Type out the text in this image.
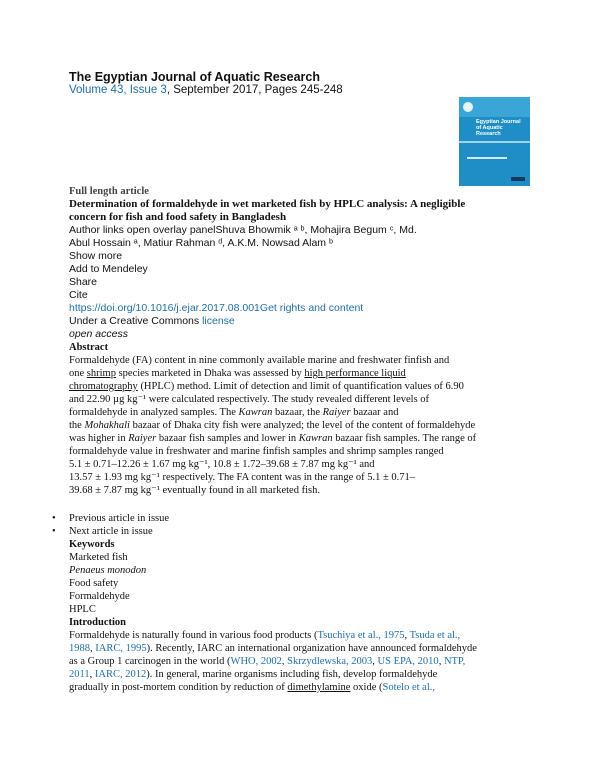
The Egyptian Journal of Aquatic Research
Volume 43, Issue 3, September 2017, Pages 245-248
Egyptian Journal of Aquatic Research
Full length article
Determination of formaldehyde in wet marketed fish by HPLC analysis: A negligible
concern for fish and food safety in Bangladesh
Author links open overlay panelShuva Bhowmik ᵃ ᵇ, Mohajira Begum ᶜ, Md.
Abul Hossain ᵃ, Matiur Rahman ᵈ, A.K.M. Nowsad Alam ᵇ
Show more
Add to Mendeley
Share
Cite
https://doi.org/10.1016/j.ejar.2017.08.001Get rights and content
Under a Creative Commons license
open access
Abstract
Formaldehyde (FA) content in nine commonly available marine and freshwater finfish and
one shrimp species marketed in Dhaka was assessed by high performance liquid
chromatography (HPLC) method. Limit of detection and limit of quantification values of 6.90
and 22.90 µg kg⁻¹ were calculated respectively. The study revealed different levels of
formaldehyde in analyzed samples. The Kawran bazaar, the Raiyer bazaar and
the Mohakhali bazaar of Dhaka city fish were analyzed; the level of the content of formaldehyde
was higher in Raiyer bazaar fish samples and lower in Kawran bazaar fish samples. The range of
formaldehyde value in freshwater and marine finfish samples and shrimp samples ranged
5.1 ± 0.71–12.26 ± 1.67 mg kg⁻¹, 10.8 ± 1.72–39.68 ± 7.87 mg kg⁻¹ and
13.57 ± 1.93 mg kg⁻¹ respectively. The FA content was in the range of 5.1 ± 0.71–
39.68 ± 7.87 mg kg⁻¹ eventually found in all marketed fish.
• Previous article in issue
• Next article in issue
Keywords
Marketed fish
Penaeus monodon
Food safety
Formaldehyde
HPLC
Introduction
Formaldehyde is naturally found in various food products (Tsuchiya et al., 1975, Tsuda et al.,
1988, IARC, 1995). Recently, IARC an international organization have announced formaldehyde
as a Group 1 carcinogen in the world (WHO, 2002, Skrzydlewska, 2003, US EPA, 2010, NTP,
2011, IARC, 2012). In general, marine organisms including fish, develop formaldehyde
gradually in post-mortem condition by reduction of dimethylamine oxide (Sotelo et al.,
